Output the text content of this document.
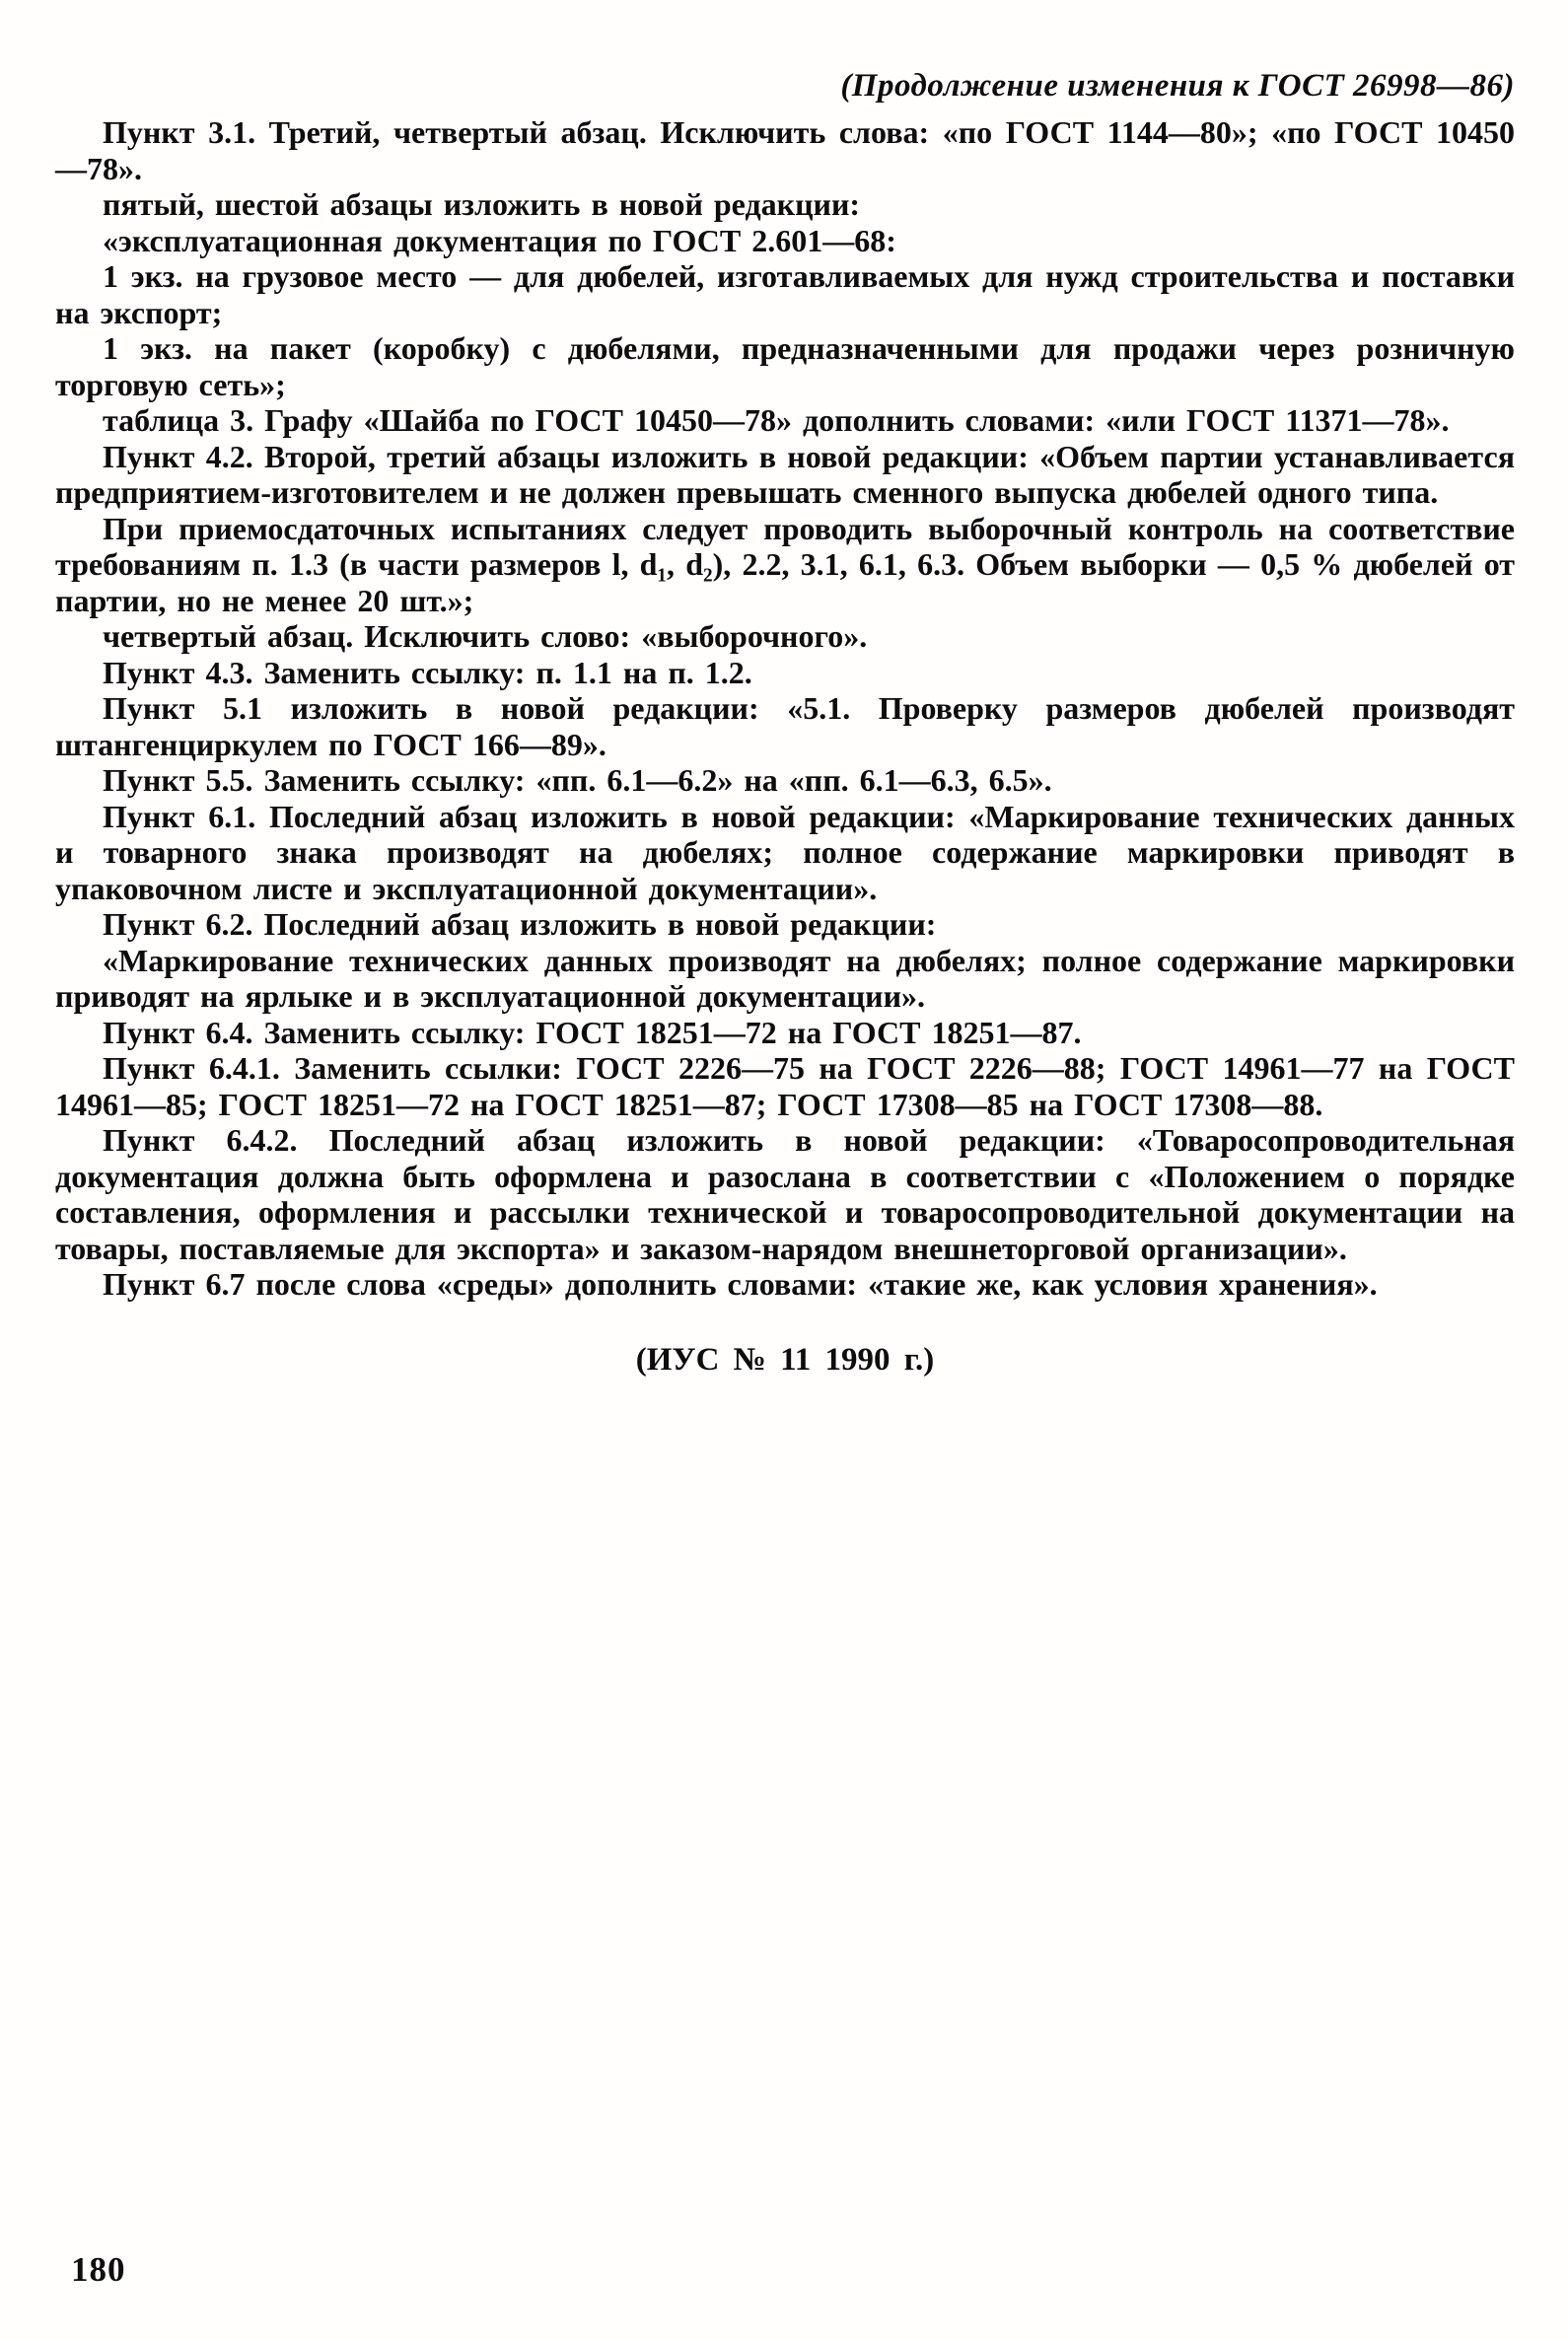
(Продолжение изменения к ГОСТ 26998—86)

Пункт 3.1. Третий, четвертый абзац. Исключить слова: «по ГОСТ 1144—80»; «по ГОСТ 10450—78».

пятый, шестой абзацы изложить в новой редакции:

«эксплуатационная документация по ГОСТ 2.601—68:

1 экз. на грузовое место — для дюбелей, изготавливаемых для нужд строительства и поставки на экспорт;

1 экз. на пакет (коробку) с дюбелями, предназначенными для продажи через розничную торговую сеть»;

таблица 3. Графу «Шайба по ГОСТ 10450—78» дополнить словами: «или ГОСТ 11371—78».

Пункт 4.2. Второй, третий абзацы изложить в новой редакции: «Объем партии устанавливается предприятием-изготовителем и не должен превышать сменного выпуска дюбелей одного типа.

При приемосдаточных испытаниях следует проводить выборочный контроль на соответствие требованиям п. 1.3 (в части размеров l, d₁, d₂), 2.2, 3.1, 6.1, 6.3. Объем выборки — 0,5 % дюбелей от партии, но не менее 20 шт.»;

четвертый абзац. Исключить слово: «выборочного».

Пункт 4.3. Заменить ссылку: п. 1.1 на п. 1.2.

Пункт 5.1 изложить в новой редакции: «5.1. Проверку размеров дюбелей производят штангенциркулем по ГОСТ 166—89».

Пункт 5.5. Заменить ссылку: «пп. 6.1—6.2» на «пп. 6.1—6.3, 6.5».

Пункт 6.1. Последний абзац изложить в новой редакции: «Маркирование технических данных и товарного знака производят на дюбелях; полное содержание маркировки приводят в упаковочном листе и эксплуатационной документации».

Пункт 6.2. Последний абзац изложить в новой редакции:

«Маркирование технических данных производят на дюбелях; полное содержание маркировки приводят на ярлыке и в эксплуатационной документации».

Пункт 6.4. Заменить ссылку: ГОСТ 18251—72 на ГОСТ 18251—87.

Пункт 6.4.1. Заменить ссылки: ГОСТ 2226—75 на ГОСТ 2226—88; ГОСТ 14961—77 на ГОСТ 14961—85; ГОСТ 18251—72 на ГОСТ 18251—87; ГОСТ 17308—85 на ГОСТ 17308—88.

Пункт 6.4.2. Последний абзац изложить в новой редакции: «Товаросопроводительная документация должна быть оформлена и разослана в соответствии с «Положением о порядке составления, оформления и рассылки технической и товаросопроводительной документации на товары, поставляемые для экспорта» и заказом-нарядом внешнеторговой организации».

Пункт 6.7 после слова «среды» дополнить словами: «такие же, как условия хранения».

(ИУС № 11 1990 г.)
180
